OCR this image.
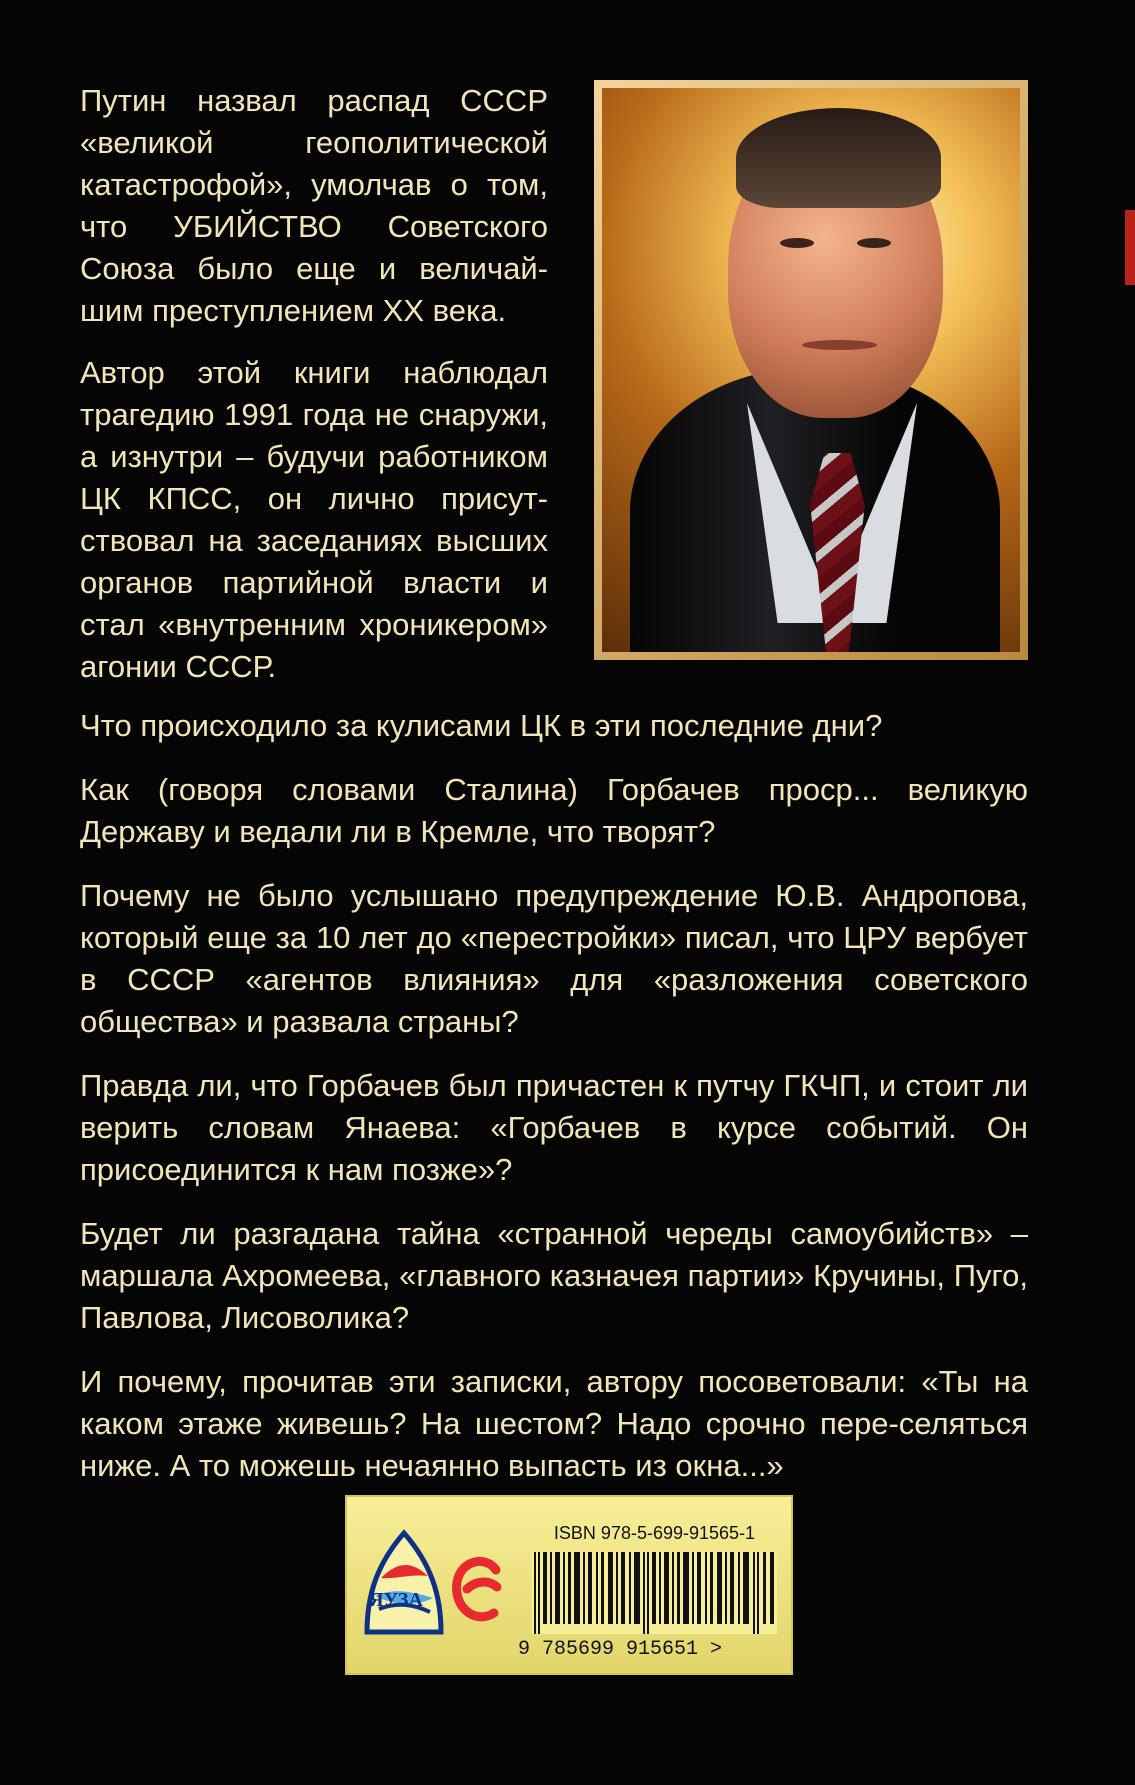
Путин назвал распад СССР «великой геополитической катастрофой», умолчав о том, что УБИЙСТВО Советского Союза было еще и величай-шим преступлением XX века.

Автор этой книги наблюдал трагедию 1991 года не снаружи, а изнутри – будучи работником ЦК КПСС, он лично присут-ствовал на заседаниях высших органов партийной власти и стал «внутренним хроникером» агонии СССР.

Что происходило за кулисами ЦК в эти последние дни?

Как (говоря словами Сталина) Горбачев проср... великую Державу и ведали ли в Кремле, что творят?

Почему не было услышано предупреждение Ю.В. Андропова, который еще за 10 лет до «перестройки» писал, что ЦРУ вербует в СССР «агентов влияния» для «разложения советского общества» и развала страны?

Правда ли, что Горбачев был причастен к путчу ГКЧП, и стоит ли верить словам Янаева: «Горбачев в курсе событий. Он присоединится к нам позже»?

Будет ли разгадана тайна «странной череды самоубийств» – маршала Ахромеева, «главного казначея партии» Кручины, Пуго, Павлова, Лисоволика?

И почему, прочитав эти записки, автору посоветовали: «Ты на каком этаже живешь? На шестом? Надо срочно пере-селяться ниже. А то можешь нечаянно выпасть из окна...»

ЯУЗА
ISBN 978-5-699-91565-1
9 785699 915651 >
